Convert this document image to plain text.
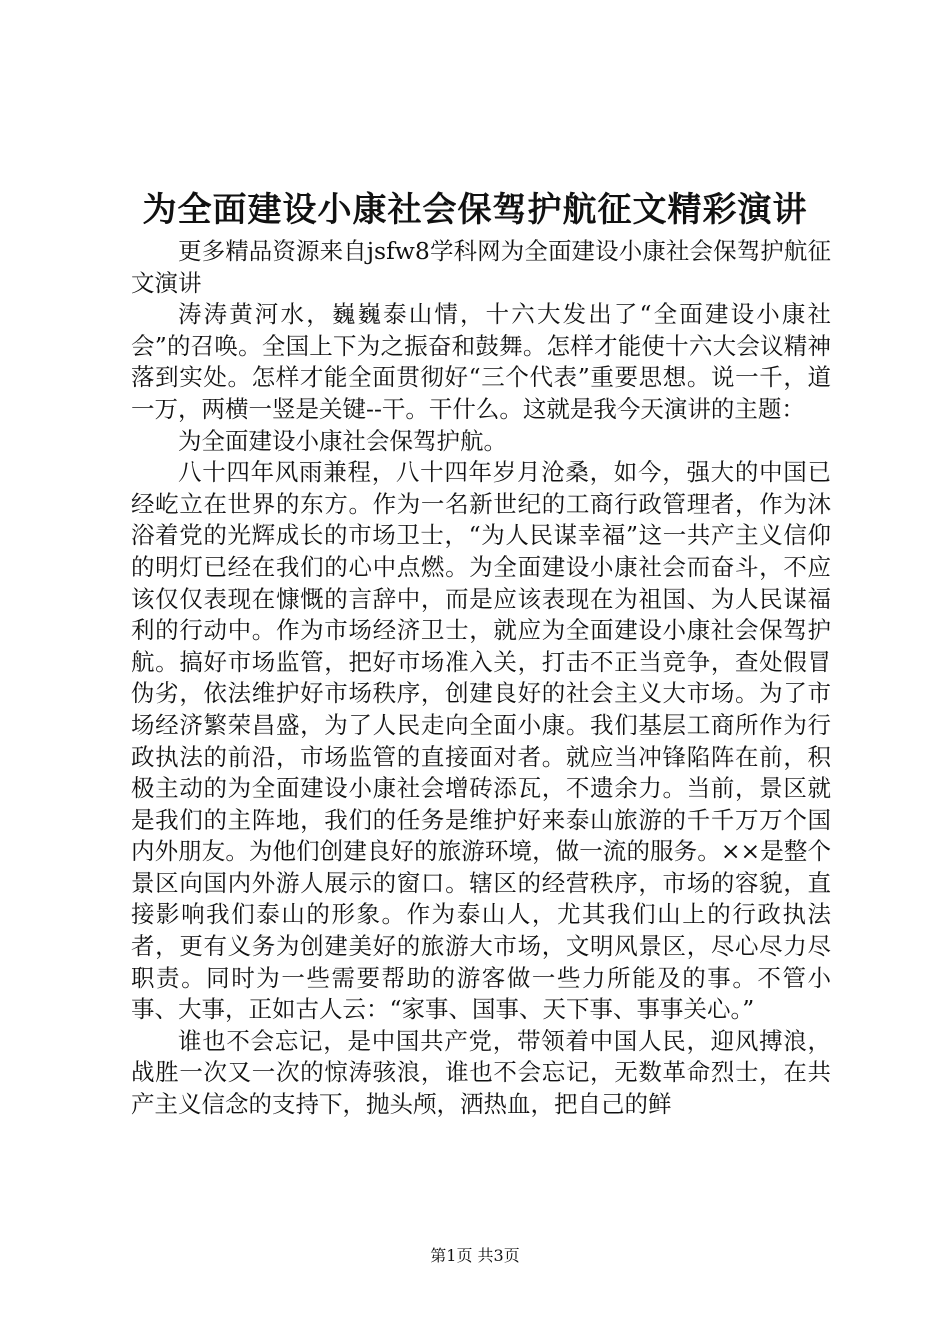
为全面建设小康社会保驾护航征文精彩演讲

更多精品资源来自jsfw8学科网为全面建设小康社会保驾护航征文演讲

涛涛黄河水，巍巍泰山情，十六大发出了“全面建设小康社会”的召唤。全国上下为之振奋和鼓舞。怎样才能使十六大会议精神落到实处。怎样才能全面贯彻好“三个代表”重要思想。说一千，道一万，两横一竖是关键--干。干什么。这就是我今天演讲的主题：

为全面建设小康社会保驾护航。

八十四年风雨兼程，八十四年岁月沧桑，如今，强大的中国已经屹立在世界的东方。作为一名新世纪的工商行政管理者，作为沐浴着党的光辉成长的市场卫士，“为人民谋幸福”这一共产主义信仰的明灯已经在我们的心中点燃。为全面建设小康社会而奋斗，不应该仅仅表现在慷慨的言辞中，而是应该表现在为祖国、为人民谋福利的行动中。作为市场经济卫士，就应为全面建设小康社会保驾护航。搞好市场监管，把好市场准入关，打击不正当竞争，查处假冒伪劣，依法维护好市场秩序，创建良好的社会主义大市场。为了市场经济繁荣昌盛，为了人民走向全面小康。我们基层工商所作为行政执法的前沿，市场监管的直接面对者。就应当冲锋陷阵在前，积极主动的为全面建设小康社会增砖添瓦，不遗余力。当前，景区就是我们的主阵地，我们的任务是维护好来泰山旅游的千千万万个国内外朋友。为他们创建良好的旅游环境，做一流的服务。××是整个景区向国内外游人展示的窗口。辖区的经营秩序，市场的容貌，直接影响我们泰山的形象。作为泰山人，尤其我们山上的行政执法者，更有义务为创建美好的旅游大市场，文明风景区，尽心尽力尽职责。同时为一些需要帮助的游客做一些力所能及的事。不管小事、大事，正如古人云：“家事、国事、天下事、事事关心。”

谁也不会忘记，是中国共产党，带领着中国人民，迎风搏浪，战胜一次又一次的惊涛骇浪，谁也不会忘记，无数革命烈士，在共产主义信念的支持下，抛头颅，洒热血，把自己的鲜

第1页 共3页
